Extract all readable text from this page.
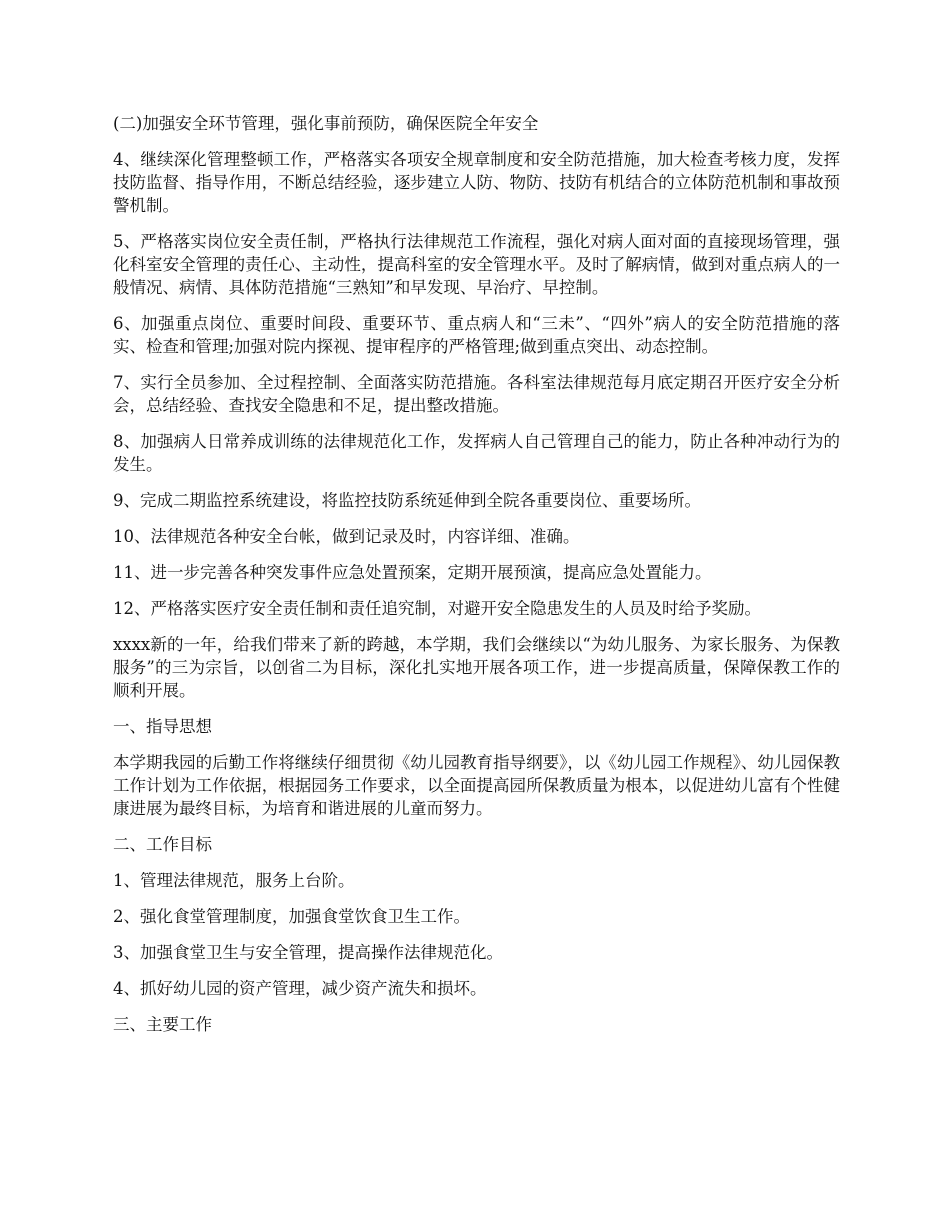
(二)加强安全环节管理，强化事前预防，确保医院全年安全

4、继续深化管理整顿工作，严格落实各项安全规章制度和安全防范措施，加大检查考核力度，发挥技防监督、指导作用，不断总结经验，逐步建立人防、物防、技防有机结合的立体防范机制和事故预警机制。

5、严格落实岗位安全责任制，严格执行法律规范工作流程，强化对病人面对面的直接现场管理，强化科室安全管理的责任心、主动性，提高科室的安全管理水平。及时了解病情，做到对重点病人的一般情况、病情、具体防范措施“三熟知”和早发现、早治疗、早控制。

6、加强重点岗位、重要时间段、重要环节、重点病人和“三未”、“四外”病人的安全防范措施的落实、检查和管理;加强对院内探视、提审程序的严格管理;做到重点突出、动态控制。

7、实行全员参加、全过程控制、全面落实防范措施。各科室法律规范每月底定期召开医疗安全分析会，总结经验、查找安全隐患和不足，提出整改措施。

8、加强病人日常养成训练的法律规范化工作，发挥病人自己管理自己的能力，防止各种冲动行为的发生。

9、完成二期监控系统建设，将监控技防系统延伸到全院各重要岗位、重要场所。

10、法律规范各种安全台帐，做到记录及时，内容详细、准确。

11、进一步完善各种突发事件应急处置预案，定期开展预演，提高应急处置能力。

12、严格落实医疗安全责任制和责任追究制，对避开安全隐患发生的人员及时给予奖励。

xxxx新的一年，给我们带来了新的跨越，本学期，我们会继续以“为幼儿服务、为家长服务、为保教服务”的三为宗旨，以创省二为目标，深化扎实地开展各项工作，进一步提高质量，保障保教工作的顺利开展。

一、指导思想

本学期我园的后勤工作将继续仔细贯彻《幼儿园教育指导纲要》，以《幼儿园工作规程》、幼儿园保教工作计划为工作依据，根据园务工作要求，以全面提高园所保教质量为根本，以促进幼儿富有个性健康进展为最终目标，为培育和谐进展的儿童而努力。

二、工作目标

1、管理法律规范，服务上台阶。

2、强化食堂管理制度，加强食堂饮食卫生工作。

3、加强食堂卫生与安全管理，提高操作法律规范化。

4、抓好幼儿园的资产管理，减少资产流失和损坏。

三、主要工作
